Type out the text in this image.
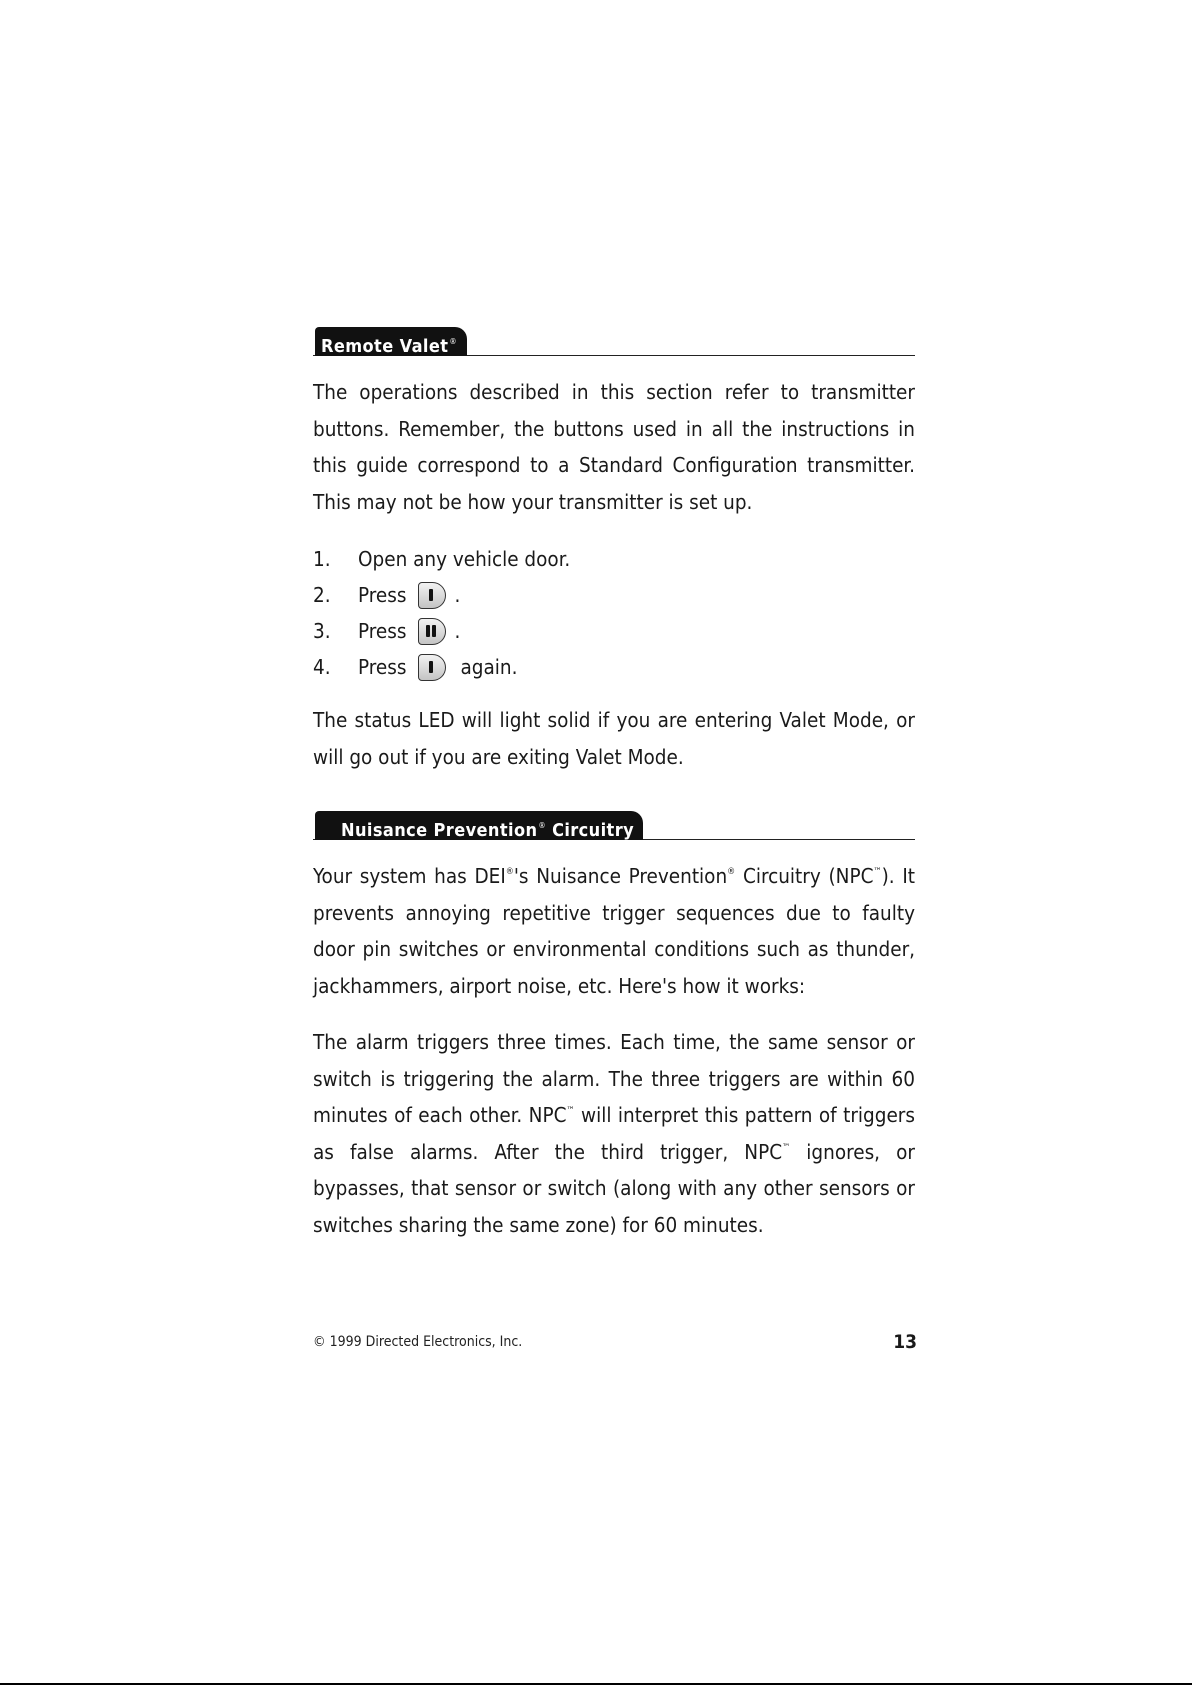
Remote Valet®

The operations described in this section refer to transmitter buttons. Remember, the buttons used in all the instructions in this guide correspond to a Standard Configuration transmitter. This may not be how your transmitter is set up.

1.	Open any vehicle door.
2.	Press .
3.	Press .
4.	Press	again.

The status LED will light solid if you are entering Valet Mode, or will go out if you are exiting Valet Mode.

Nuisance Prevention® Circuitry

Your system has DEI®'s Nuisance Prevention® Circuitry (NPC™). It prevents annoying repetitive trigger sequences due to faulty door pin switches or environmental conditions such as thunder, jackhammers, airport noise, etc. Here's how it works:

The alarm triggers three times. Each time, the same sensor or switch is triggering the alarm. The three triggers are within 60 minutes of each other. NPC™ will interpret this pattern of triggers as false alarms. After the third trigger, NPC™ ignores, or bypasses, that sensor or switch (along with any other sensors or switches sharing the same zone) for 60 minutes.

© 1999 Directed Electronics, Inc.	13
